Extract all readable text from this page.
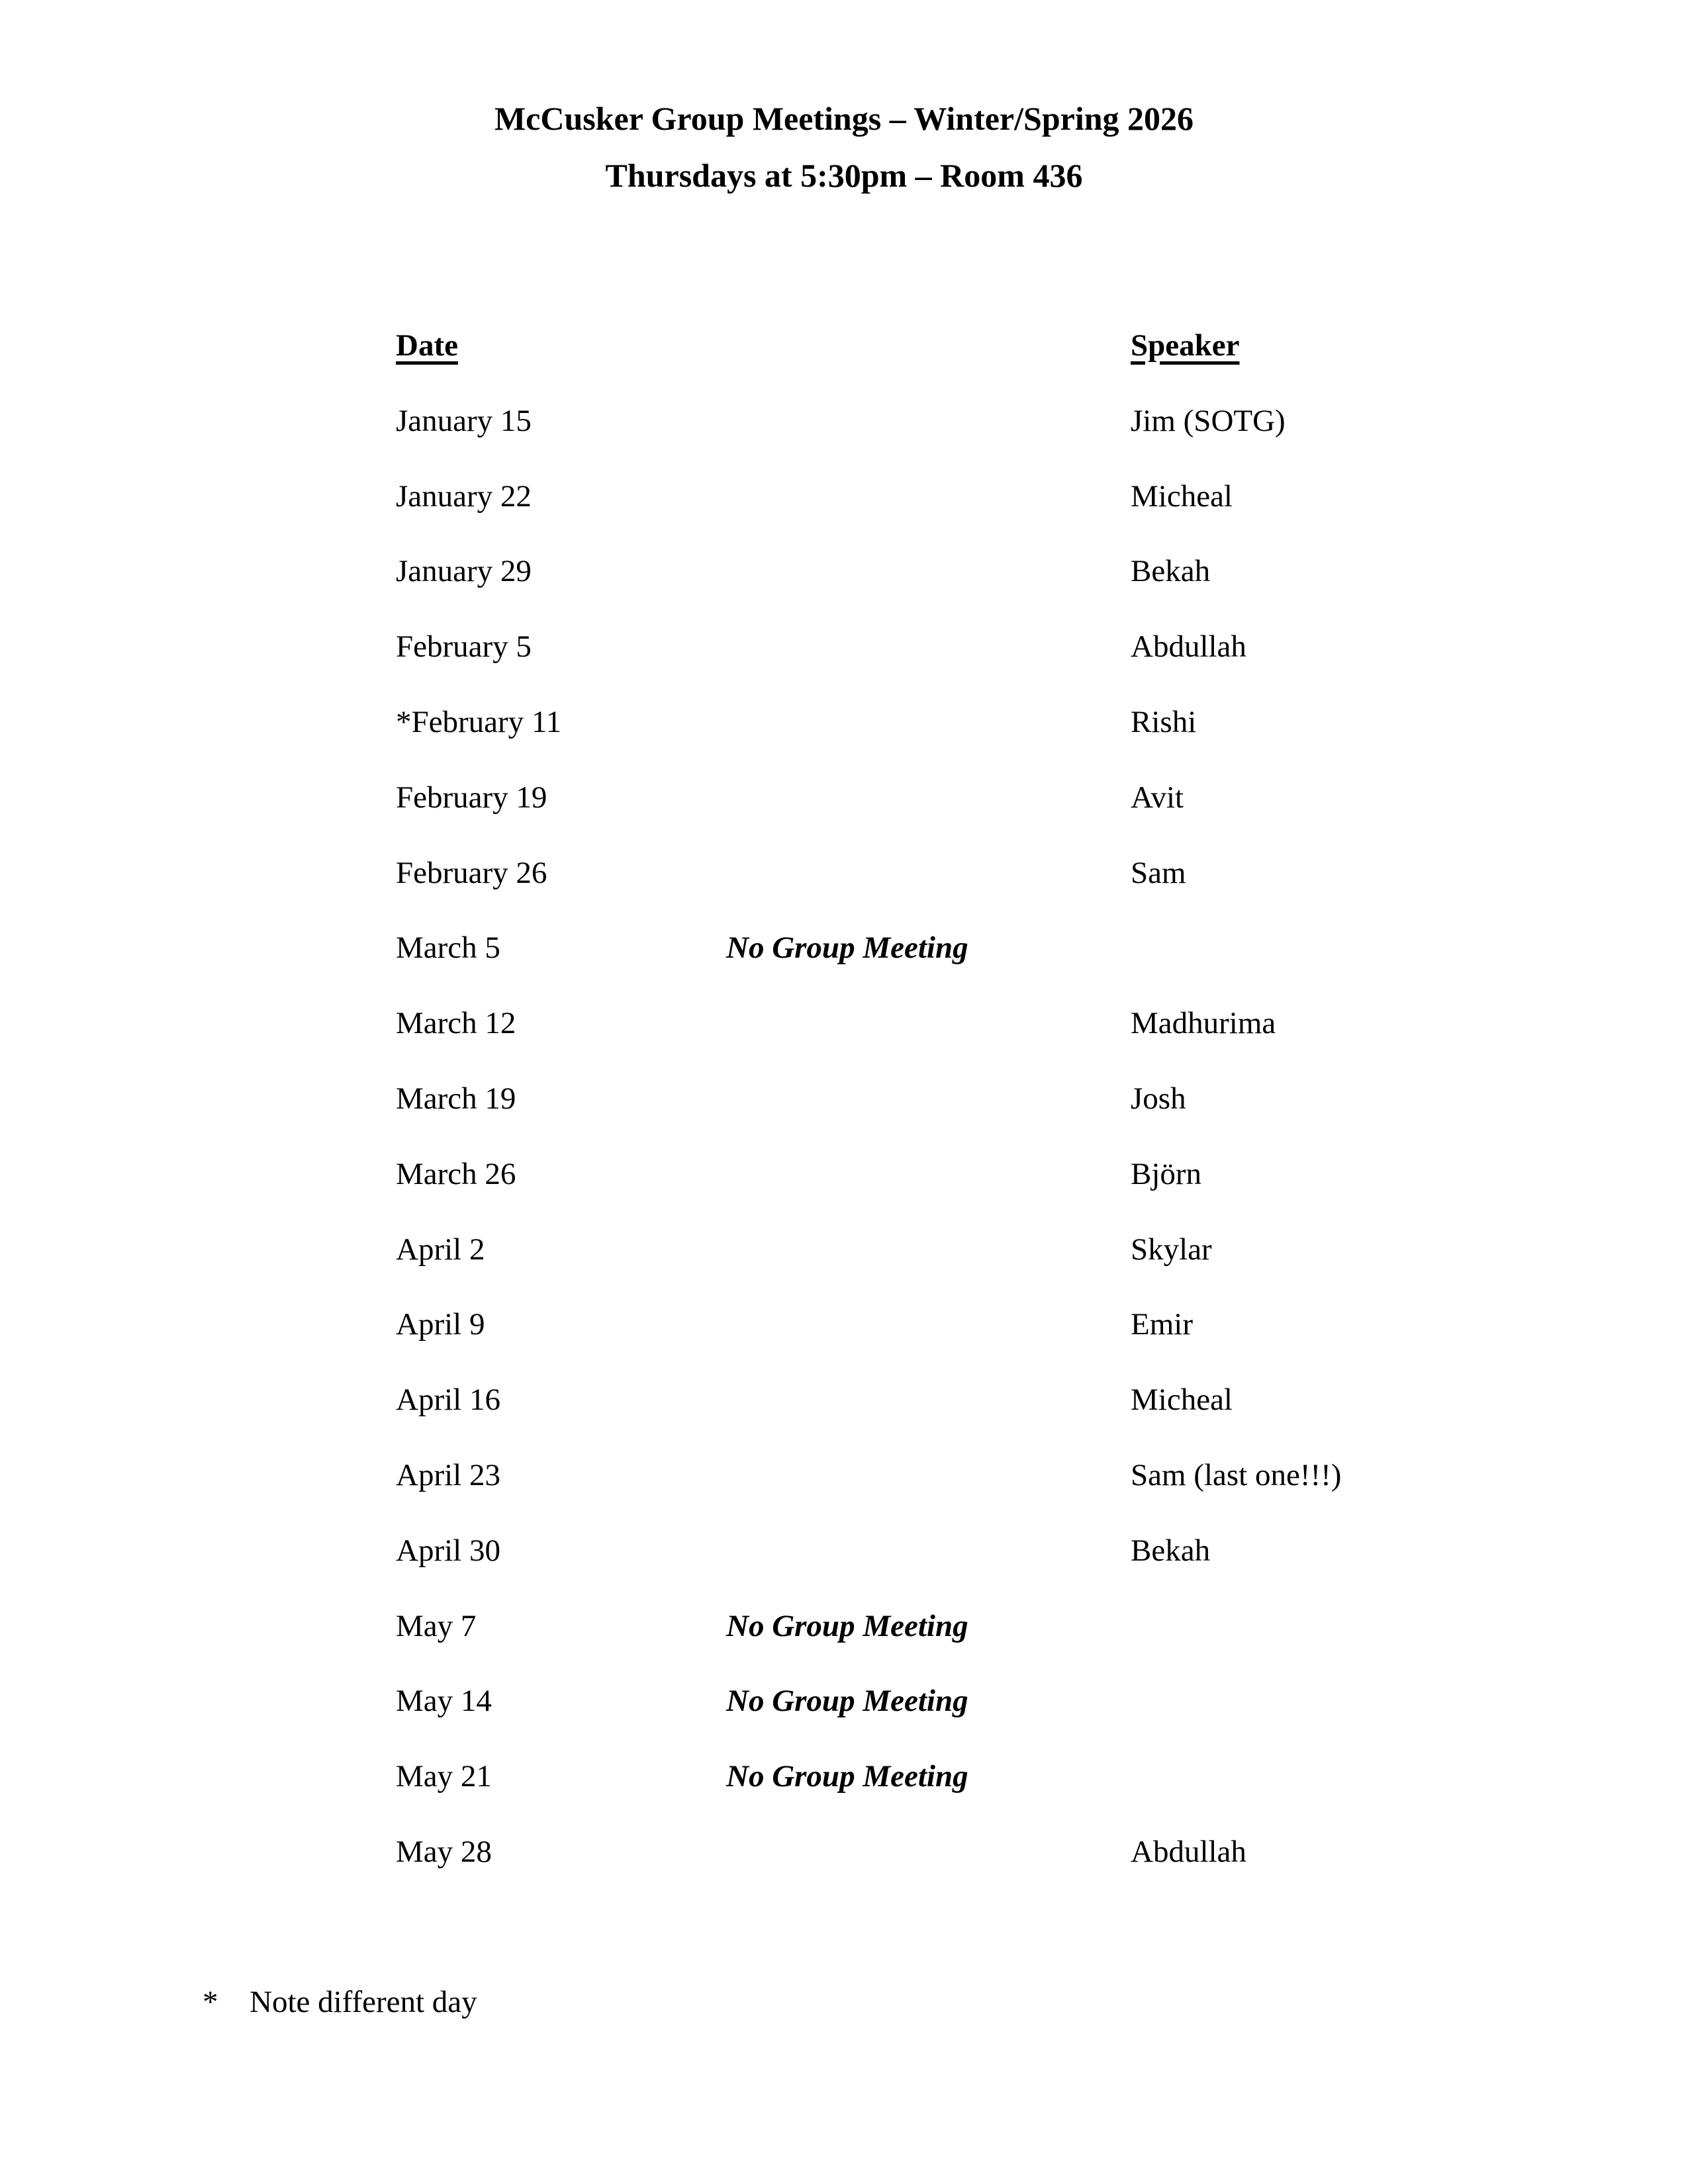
McCusker Group Meetings – Winter/Spring 2026
Thursdays at 5:30pm – Room 436
Date	Speaker
January 15	Jim (SOTG)
January 22	Micheal
January 29	Bekah
February 5	Abdullah
*February 11	Rishi
February 19	Avit
February 26	Sam
March 5	No Group Meeting
March 12	Madhurima
March 19	Josh
March 26	Björn
April 2	Skylar
April 9	Emir
April 16	Micheal
April 23	Sam (last one!!!)
April 30	Bekah
May 7	No Group Meeting
May 14	No Group Meeting
May 21	No Group Meeting
May 28	Abdullah
* Note different day
